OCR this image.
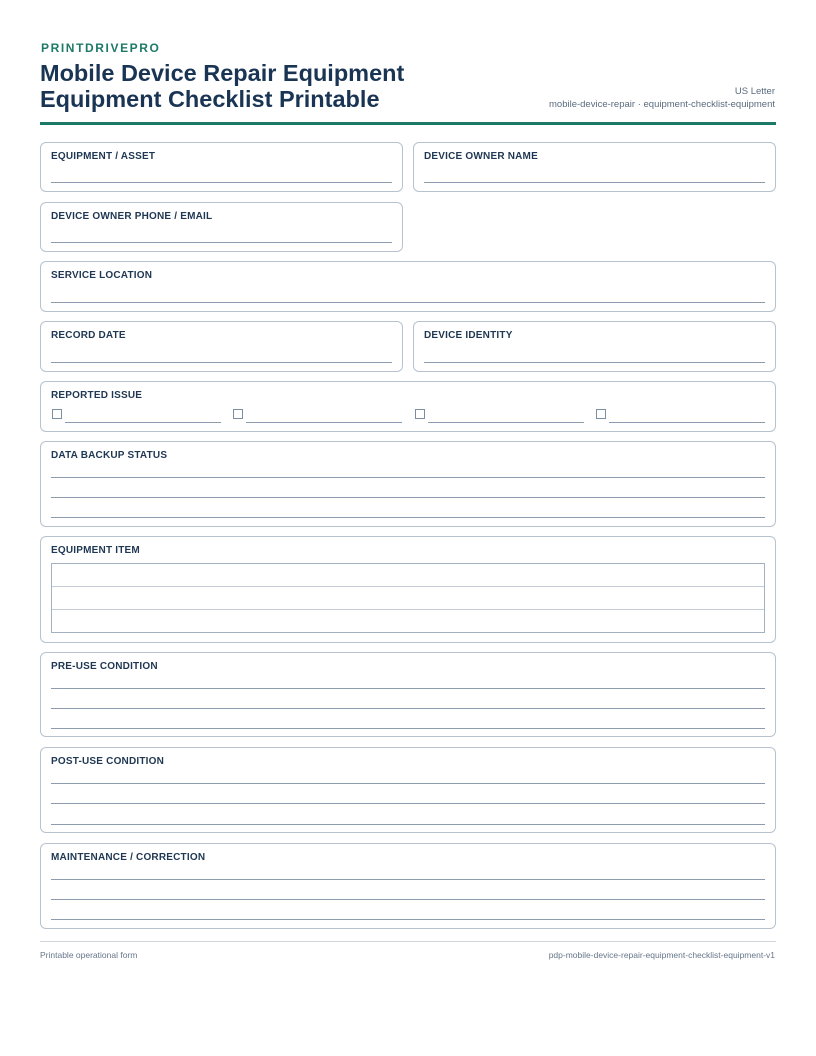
PRINTDRIVEPRO
Mobile Device Repair Equipment
Equipment Checklist Printable	US Letter
mobile-device-repair · equipment-checklist-equipment
EQUIPMENT / ASSET	DEVICE OWNER NAME
DEVICE OWNER PHONE / EMAIL
SERVICE LOCATION
RECORD DATE	DEVICE IDENTITY
REPORTED ISSUE
DATA BACKUP STATUS
EQUIPMENT ITEM
PRE-USE CONDITION
POST-USE CONDITION
MAINTENANCE / CORRECTION
Printable operational form	pdp-mobile-device-repair-equipment-checklist-equipment-v1
